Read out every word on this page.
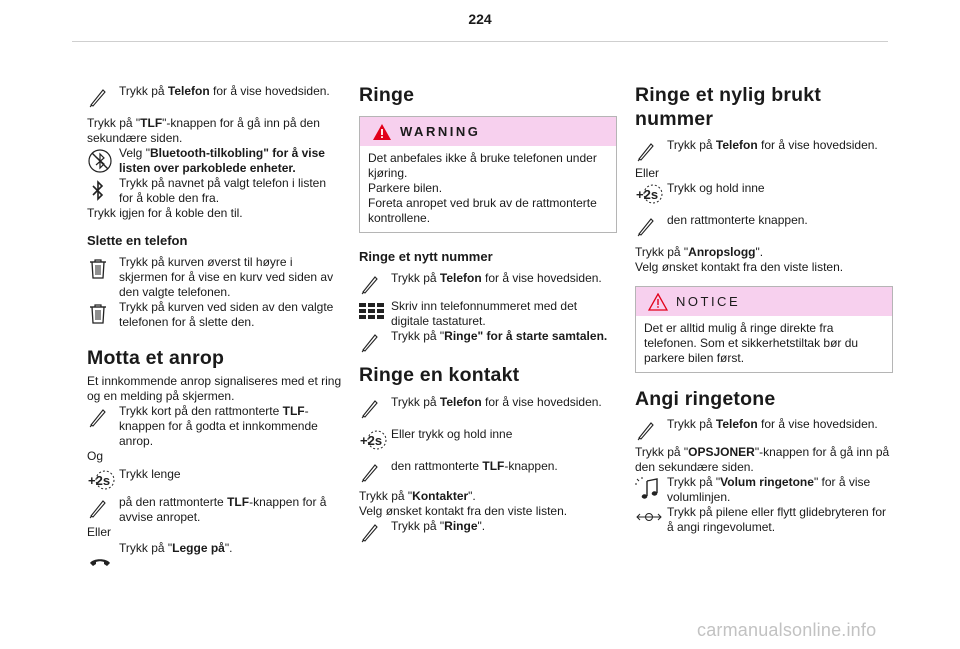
224
Trykk på Telefon for å vise hovedsiden.

Trykk på "TLF"-knappen for å gå inn på den sekundære siden.

Velg "Bluetooth-tilkobling" for å vise listen over parkoblede enheter.
Trykk på navnet på valgt telefon i listen for å koble den fra.

Trykk igjen for å koble den til.

Slette en telefon

Trykk på kurven øverst til høyre i skjermen for å vise en kurv ved siden av den valgte telefonen.
Trykk på kurven ved siden av den valgte telefonen for å slette den.

Motta et anrop

Et innkommende anrop signaliseres med et ring og en melding på skjermen.

Trykk kort på den rattmonterte TLF-knappen for å godta et innkommende anrop.

Og

+2s Trykk lenge
på den rattmonterte TLF-knappen for å avvise anropet.

Eller

Trykk på "Legge på".

Ringe

WARNING
Det anbefales ikke å bruke telefonen under kjøring.
Parkere bilen.
Foreta anropet ved bruk av de rattmonterte kontrollene.

Ringe et nytt nummer

Trykk på Telefon for å vise hovedsiden.
Skriv inn telefonnummeret med det digitale tastaturet.
Trykk på "Ringe" for å starte samtalen.

Ringe en kontakt

Trykk på Telefon for å vise hovedsiden.
+2s Eller trykk og hold inne
den rattmonterte TLF-knappen.

Trykk på "Kontakter".

Velg ønsket kontakt fra den viste listen.

Trykk på "Ringe".

Ringe et nylig brukt nummer

Trykk på Telefon for å vise hovedsiden.

Eller

+2s Trykk og hold inne
den rattmonterte knappen.

Trykk på "Anropslogg".

Velg ønsket kontakt fra den viste listen.

NOTICE
Det er alltid mulig å ringe direkte fra telefonen. Som et sikkerhetstiltak bør du parkere bilen først.

Angi ringetone

Trykk på Telefon for å vise hovedsiden.

Trykk på "OPSJONER"-knappen for å gå inn på den sekundære siden.

Trykk på "Volum ringetone" for å vise volumlinjen.
Trykk på pilene eller flytt glidebryteren for å angi ringevolumet.
carmanualsonline.info
